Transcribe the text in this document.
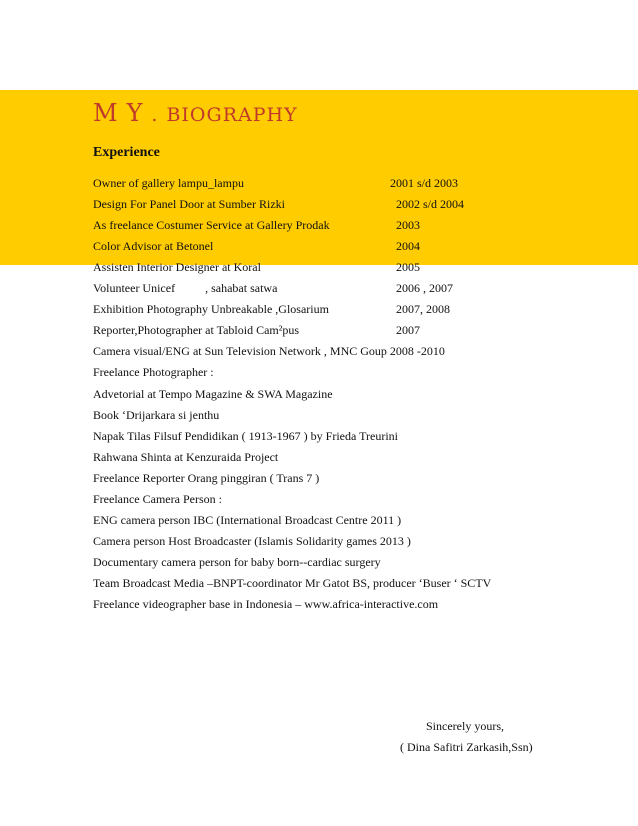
M Y . BIOGRAPHY
Experience
Owner of gallery lampu_lampu	2001 s/d 2003
Design For Panel Door at Sumber Rizki	2002 s/d 2004
As freelance Costumer Service at Gallery Prodak	2003
Color Advisor at Betonel	2004
Assisten Interior Designer at Koral	2005
Volunteer Unicef          , sahabat satwa	2006 , 2007
Exhibition Photography Unbreakable ,Glosarium	2007, 2008
Reporter,Photographer at Tabloid Cam²pus	2007
Camera visual/ENG at Sun Television Network , MNC Goup 2008 -2010
Freelance Photographer :
Advetorial at Tempo Magazine & SWA Magazine
Book ‘Drijarkara si jenthu
Napak Tilas Filsuf Pendidikan ( 1913-1967 ) by Frieda Treurini
Rahwana Shinta at Kenzuraida Project
Freelance Reporter Orang pinggiran ( Trans 7 )
Freelance Camera Person :
ENG camera person IBC (International Broadcast Centre 2011 )
Camera person Host Broadcaster (Islamis Solidarity games 2013 )
Documentary camera person for baby born--cardiac surgery
Team Broadcast Media –BNPT-coordinator Mr Gatot BS, producer ‘Buser ‘ SCTV
Freelance videographer base in Indonesia – www.africa-interactive.com
Sincerely yours,
( Dina Safitri Zarkasih,Ssn)
